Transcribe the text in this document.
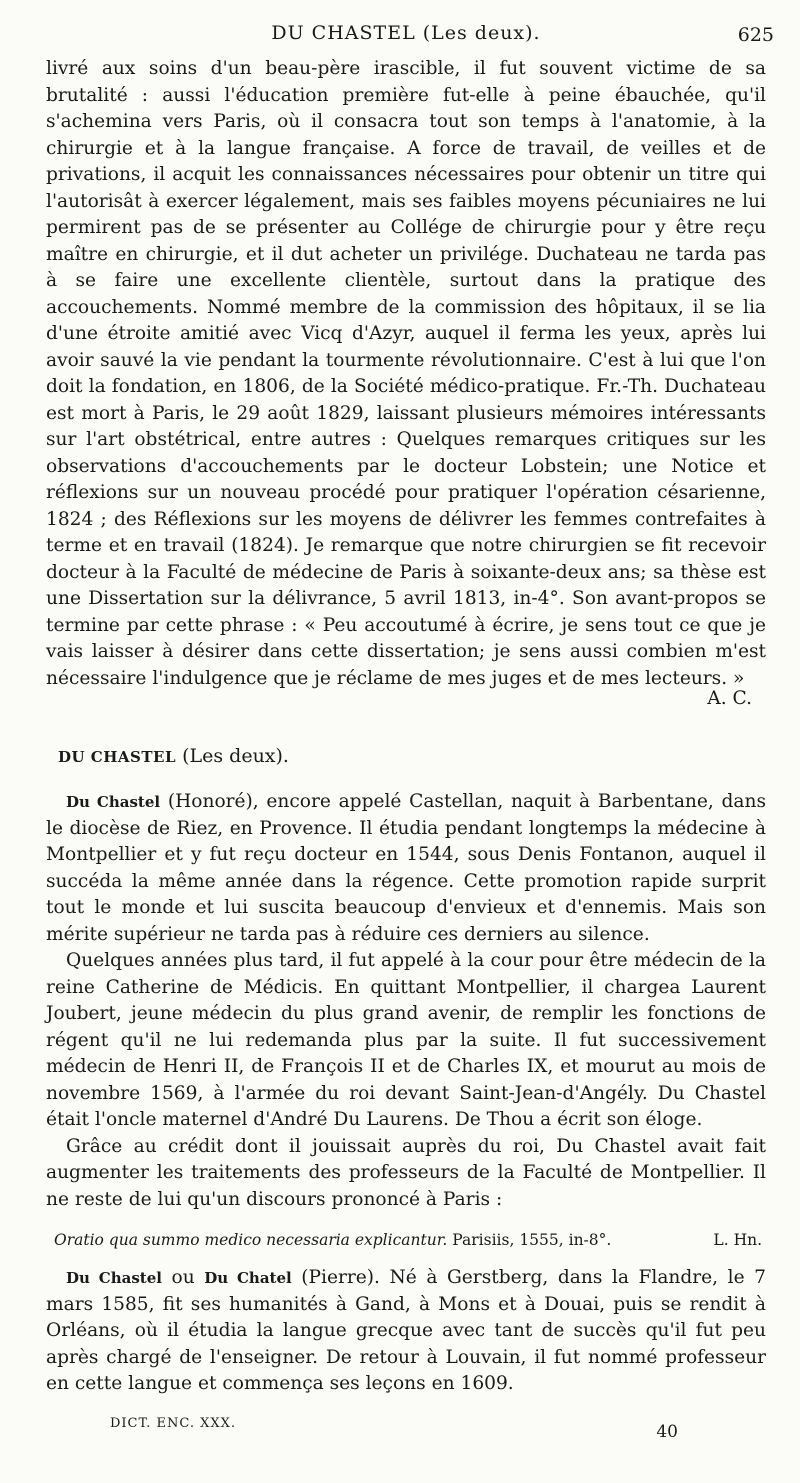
DU CHASTEL (Les deux).	625

livré aux soins d'un beau-père irascible, il fut souvent victime de sa brutalité : aussi l'éducation première fut-elle à peine ébauchée, qu'il s'achemina vers Paris, où il consacra tout son temps à l'anatomie, à la chirurgie et à la langue française. A force de travail, de veilles et de privations, il acquit les connaissances nécessaires pour obtenir un titre qui l'autorisât à exercer légalement, mais ses faibles moyens pécuniaires ne lui permirent pas de se présenter au Collége de chirurgie pour y être reçu maître en chirurgie, et il dut acheter un privilége. Duchateau ne tarda pas à se faire une excellente clientèle, surtout dans la pratique des accouchements. Nommé membre de la commission des hôpitaux, il se lia d'une étroite amitié avec Vicq d'Azyr, auquel il ferma les yeux, après lui avoir sauvé la vie pendant la tourmente révolutionnaire. C'est à lui que l'on doit la fondation, en 1806, de la Société médico-pratique. Fr.-Th. Duchateau est mort à Paris, le 29 août 1829, laissant plusieurs mémoires intéressants sur l'art obstétrical, entre autres : Quelques remarques critiques sur les observations d'accouchements par le docteur Lobstein; une Notice et réflexions sur un nouveau procédé pour pratiquer l'opération césarienne, 1824 ; des Réflexions sur les moyens de délivrer les femmes contrefaites à terme et en travail (1824). Je remarque que notre chirurgien se fit recevoir docteur à la Faculté de médecine de Paris à soixante-deux ans; sa thèse est une Dissertation sur la délivrance, 5 avril 1813, in-4°. Son avant-propos se termine par cette phrase : « Peu accoutumé à écrire, je sens tout ce que je vais laisser à désirer dans cette dissertation; je sens aussi combien m'est nécessaire l'indulgence que je réclame de mes juges et de mes lecteurs. »

A. C.
DU CHASTEL (Les deux).

Du Chastel (Honoré), encore appelé Castellan, naquit à Barbentane, dans le diocèse de Riez, en Provence. Il étudia pendant longtemps la médecine à Montpellier et y fut reçu docteur en 1544, sous Denis Fontanon, auquel il succéda la même année dans la régence. Cette promotion rapide surprit tout le monde et lui suscita beaucoup d'envieux et d'ennemis. Mais son mérite supérieur ne tarda pas à réduire ces derniers au silence.

Quelques années plus tard, il fut appelé à la cour pour être médecin de la reine Catherine de Médicis. En quittant Montpellier, il chargea Laurent Joubert, jeune médecin du plus grand avenir, de remplir les fonctions de régent qu'il ne lui redemanda plus par la suite. Il fut successivement médecin de Henri II, de François II et de Charles IX, et mourut au mois de novembre 1569, à l'armée du roi devant Saint-Jean-d'Angély. Du Chastel était l'oncle maternel d'André Du Laurens. De Thou a écrit son éloge.

Grâce au crédit dont il jouissait auprès du roi, Du Chastel avait fait augmenter les traitements des professeurs de la Faculté de Montpellier. Il ne reste de lui qu'un discours prononcé à Paris :

Oratio qua summo medico necessaria explicantur. Parisiis, 1555, in-8°.	L. Hn.

Du Chastel ou Du Chatel (Pierre). Né à Gerstberg, dans la Flandre, le 7 mars 1585, fit ses humanités à Gand, à Mons et à Douai, puis se rendit à Orléans, où il étudia la langue grecque avec tant de succès qu'il fut peu après chargé de l'enseigner. De retour à Louvain, il fut nommé professeur en cette langue et commença ses leçons en 1609.

DICT. ENC. XXX.	40
